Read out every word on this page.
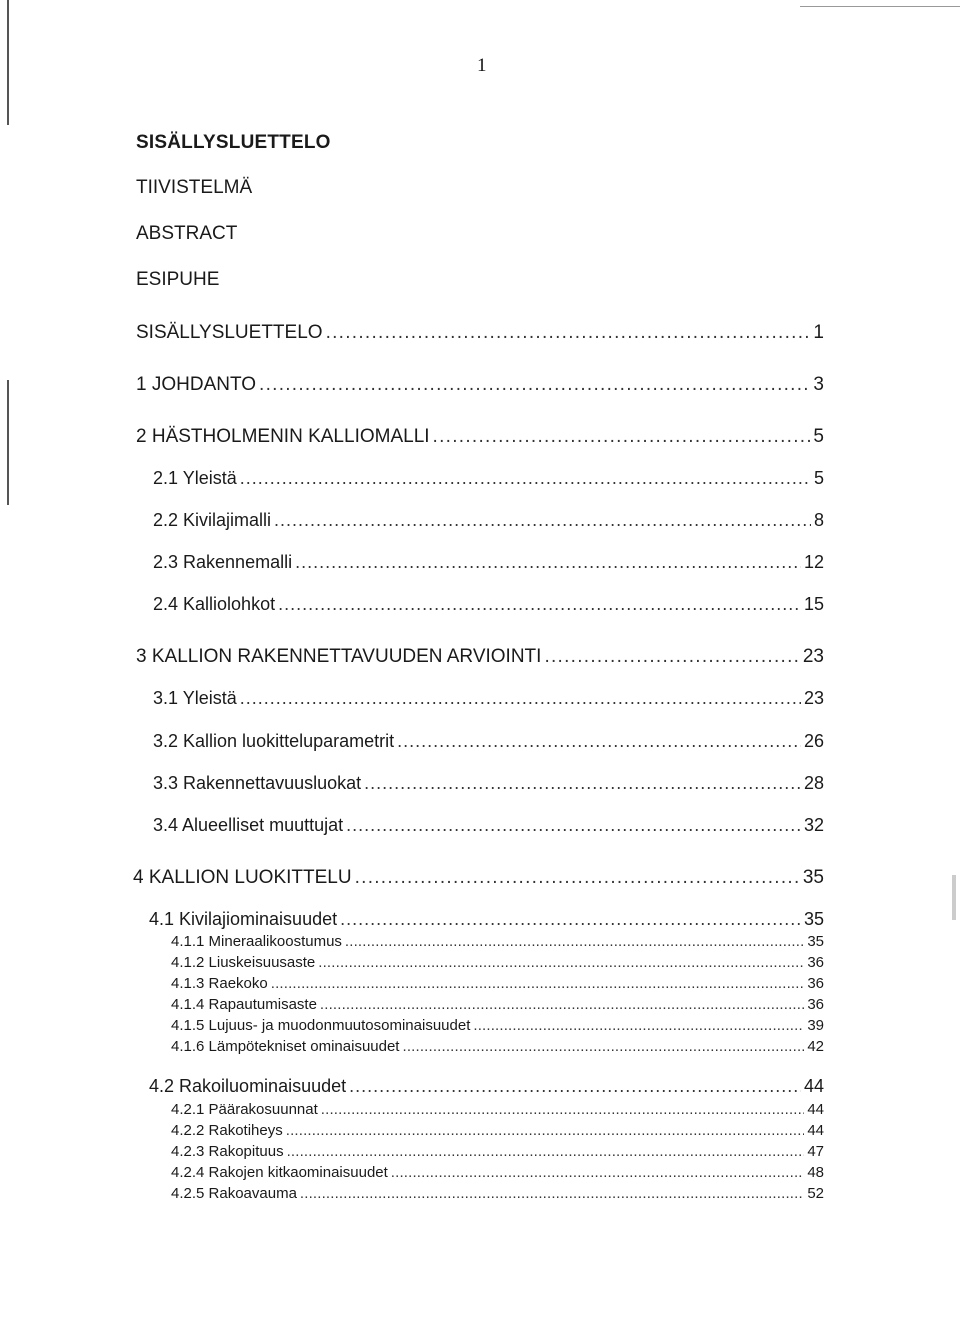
1
SISÄLLYSLUETTELO
TIIVISTELMÄ
ABSTRACT
ESIPUHE
SISÄLLYSLUETTELO . . .	1
1 JOHDANTO . . .	3
2 HÄSTHOLMENIN KALLIOMALLI . . .	5
2.1 Yleistä . . .	5
2.2 Kivilajimalli . . .	8
2.3 Rakennemalli . . .	12
2.4 Kalliolohkot . . .	15
3 KALLION RAKENNETTAVUUDEN ARVIOINTI . . .	23
3.1 Yleistä . . .	23
3.2 Kallion luokitteluparametrit . . .	26
3.3 Rakennettavuusluokat . . .	28
3.4 Alueelliset muuttujat . . .	32
4 KALLION LUOKITTELU . . .	35
4.1 Kivilajiominaisuudet . . .	35
4.1.1 Mineraalikoostumus . . .	35
4.1.2 Liuskeisuusaste . . .	36
4.1.3 Raekoko . . .	36
4.1.4 Rapautumisaste . . .	36
4.1.5 Lujuus- ja muodonmuutosominaisuudet . . .	39
4.1.6 Lämpötekniset ominaisuudet . . .	42
4.2 Rakoiluominaisuudet . . .	44
4.2.1 Päärakosuunnat . . .	44
4.2.2 Rakotiheys . . .	44
4.2.3 Rakopituus . . .	47
4.2.4 Rakojen kitkaominaisuudet . . .	48
4.2.5 Rakoavauma . . .	52
